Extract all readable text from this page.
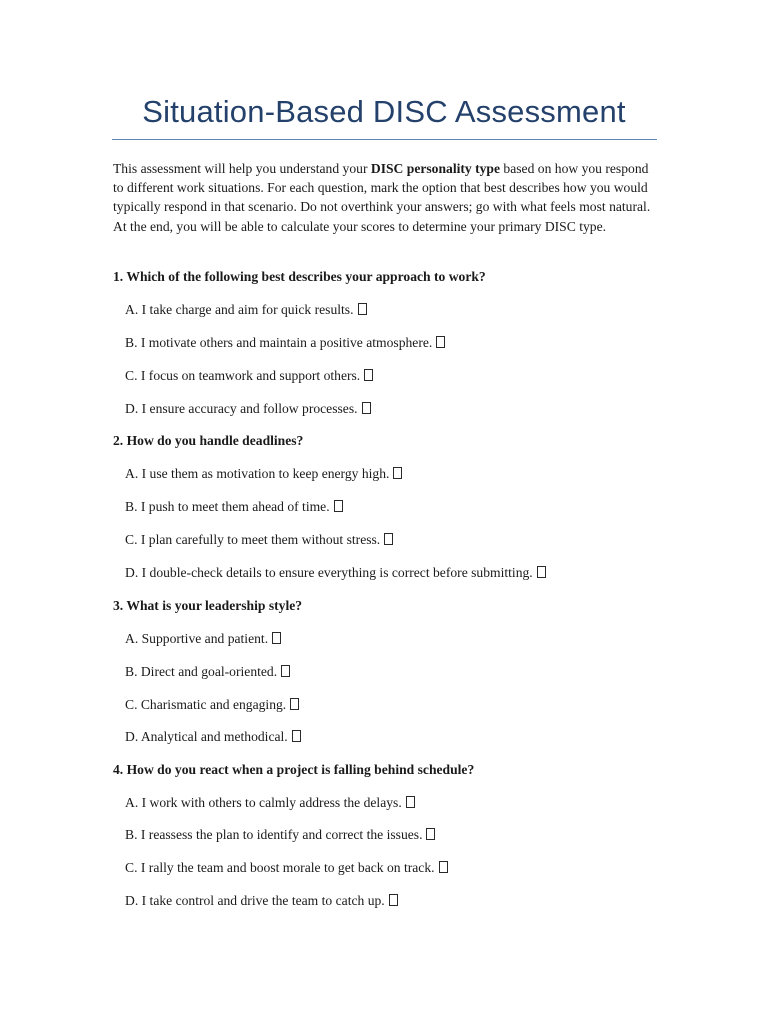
Situation-Based DISC Assessment

This assessment will help you understand your DISC personality type based on how you respond to different work situations. For each question, mark the option that best describes how you would typically respond in that scenario. Do not overthink your answers; go with what feels most natural. At the end, you will be able to calculate your scores to determine your primary DISC type.

1. Which of the following best describes your approach to work?
A. I take charge and aim for quick results.
B. I motivate others and maintain a positive atmosphere.
C. I focus on teamwork and support others.
D. I ensure accuracy and follow processes.
2. How do you handle deadlines?
A. I use them as motivation to keep energy high.
B. I push to meet them ahead of time.
C. I plan carefully to meet them without stress.
D. I double-check details to ensure everything is correct before submitting.
3. What is your leadership style?
A. Supportive and patient.
B. Direct and goal-oriented.
C. Charismatic and engaging.
D. Analytical and methodical.
4. How do you react when a project is falling behind schedule?
A. I work with others to calmly address the delays.
B. I reassess the plan to identify and correct the issues.
C. I rally the team and boost morale to get back on track.
D. I take control and drive the team to catch up.
